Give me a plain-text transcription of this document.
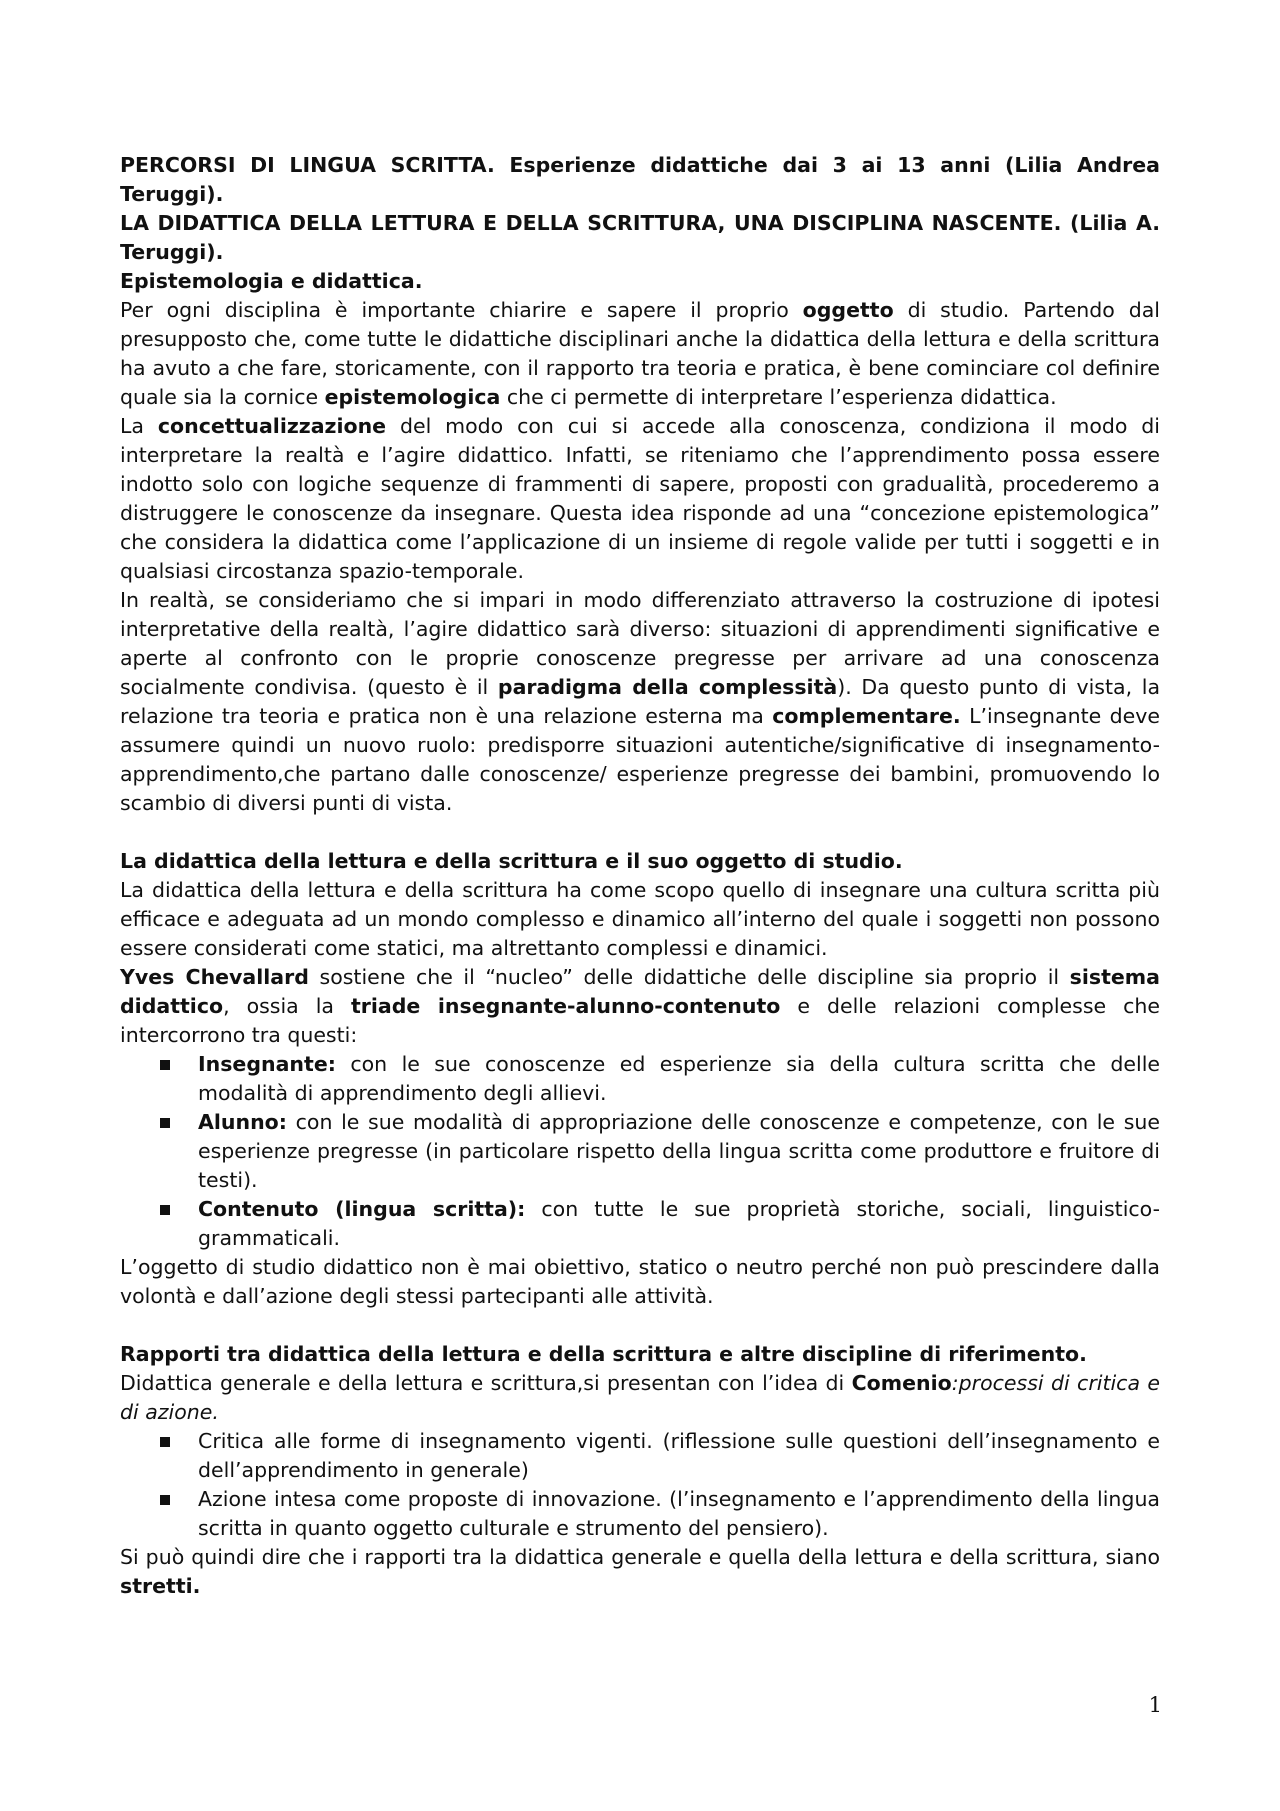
PERCORSI DI LINGUA SCRITTA. Esperienze didattiche dai 3 ai 13 anni (Lilia Andrea Teruggi).

LA DIDATTICA DELLA LETTURA E DELLA SCRITTURA, UNA DISCIPLINA NASCENTE. (Lilia A. Teruggi).

Epistemologia e didattica.

Per ogni disciplina è importante chiarire e sapere il proprio oggetto di studio. Partendo dal presupposto che, come tutte le didattiche disciplinari anche la didattica della lettura e della scrittura ha avuto a che fare, storicamente, con il rapporto tra teoria e pratica, è bene cominciare col definire quale sia la cornice epistemologica che ci permette di interpretare l’esperienza didattica.

La concettualizzazione del modo con cui si accede alla conoscenza, condiziona il modo di interpretare la realtà e l’agire didattico. Infatti, se riteniamo che l’apprendimento possa essere indotto solo con logiche sequenze di frammenti di sapere, proposti con gradualità, procederemo a distruggere le conoscenze da insegnare. Questa idea risponde ad una “concezione epistemologica” che considera la didattica come l’applicazione di un insieme di regole valide per tutti i soggetti e in qualsiasi circostanza spazio-temporale.

In realtà, se consideriamo che si impari in modo differenziato attraverso la costruzione di ipotesi interpretative della realtà, l’agire didattico sarà diverso: situazioni di apprendimenti significative e aperte al confronto con le proprie conoscenze pregresse per arrivare ad una conoscenza socialmente condivisa. (questo è il paradigma della complessità). Da questo punto di vista, la relazione tra teoria e pratica non è una relazione esterna ma complementare. L’insegnante deve assumere quindi un nuovo ruolo: predisporre situazioni autentiche/significative di insegnamento-apprendimento,che partano dalle conoscenze/ esperienze pregresse dei bambini, promuovendo lo scambio di diversi punti di vista.

La didattica della lettura e della scrittura e il suo oggetto di studio.

La didattica della lettura e della scrittura ha come scopo quello di insegnare una cultura scritta più efficace e adeguata ad un mondo complesso e dinamico all’interno del quale i soggetti non possono essere considerati come statici, ma altrettanto complessi e dinamici.

Yves Chevallard sostiene che il “nucleo” delle didattiche delle discipline sia proprio il sistema didattico, ossia la triade insegnante-alunno-contenuto e delle relazioni complesse che intercorrono tra questi:

Insegnante: con le sue conoscenze ed esperienze sia della cultura scritta che delle modalità di apprendimento degli allievi.
Alunno: con le sue modalità di appropriazione delle conoscenze e competenze, con le sue esperienze pregresse (in particolare rispetto della lingua scritta come produttore e fruitore di testi).
Contenuto (lingua scritta): con tutte le sue proprietà storiche, sociali, linguistico-grammaticali.

L’oggetto di studio didattico non è mai obiettivo, statico o neutro perché non può prescindere dalla volontà e dall’azione degli stessi partecipanti alle attività.

Rapporti tra didattica della lettura e della scrittura e altre discipline di riferimento.

Didattica generale e della lettura e scrittura,si presentan con l’idea di Comenio:processi di critica e di azione.

Critica alle forme di insegnamento vigenti. (riflessione sulle questioni dell’insegnamento e dell’apprendimento in generale)
Azione intesa come proposte di innovazione. (l’insegnamento e l’apprendimento della lingua scritta in quanto oggetto culturale e strumento del pensiero).

Si può quindi dire che i rapporti tra la didattica generale e quella della lettura e della scrittura, siano stretti.

1
